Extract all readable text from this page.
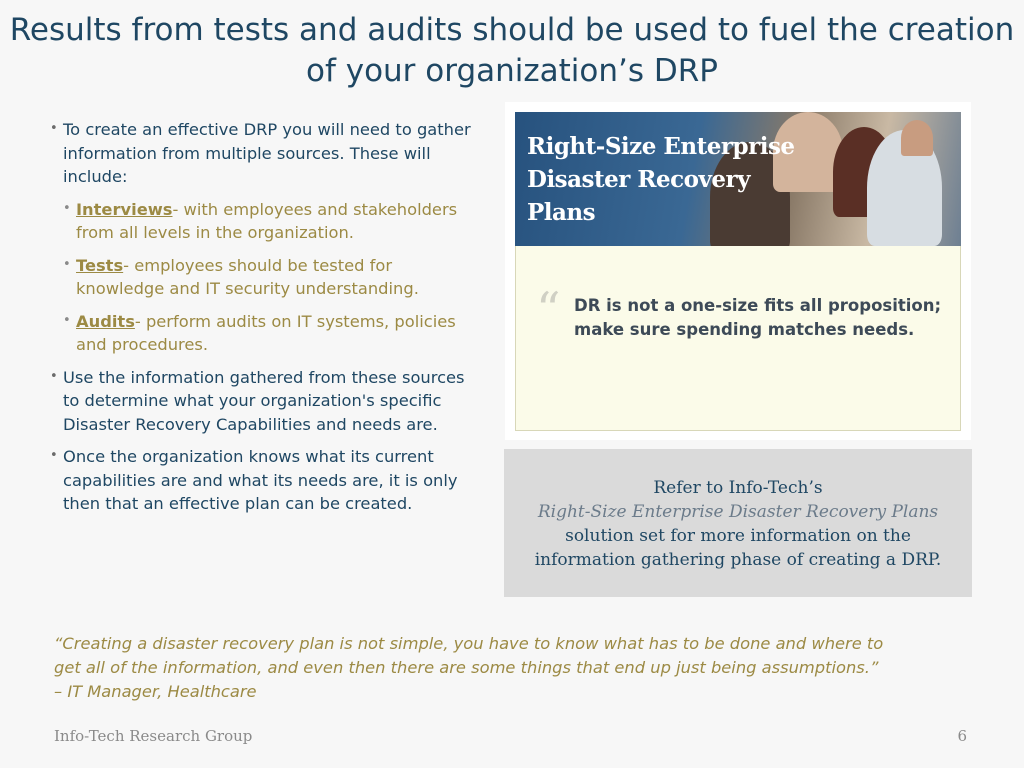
Results from tests and audits should be used to fuel the creation
of your organization’s DRP
• To create an effective DRP you will need to gather information from multiple sources. These will include:
• Interviews- with employees and stakeholders from all levels in the organization.
• Tests- employees should be tested for knowledge and IT security understanding.
• Audits- perform audits on IT systems, policies and procedures.
• Use the information gathered from these sources to determine what your organization's specific Disaster Recovery Capabilities and needs are.
• Once the organization knows what its current capabilities are and what its needs are, it is only then that an effective plan can be created.
Right-Size Enterprise
Disaster Recovery
Plans
“ DR is not a one-size fits all proposition; make sure spending matches needs.
Refer to Info-Tech’s
Right-Size Enterprise Disaster Recovery Plans
solution set for more information on the
information gathering phase of creating a DRP.
“Creating a disaster recovery plan is not simple, you have to know what has to be done and where to
get all of the information, and even then there are some things that end up just being assumptions.”
– IT Manager, Healthcare
Info-Tech Research Group	6
